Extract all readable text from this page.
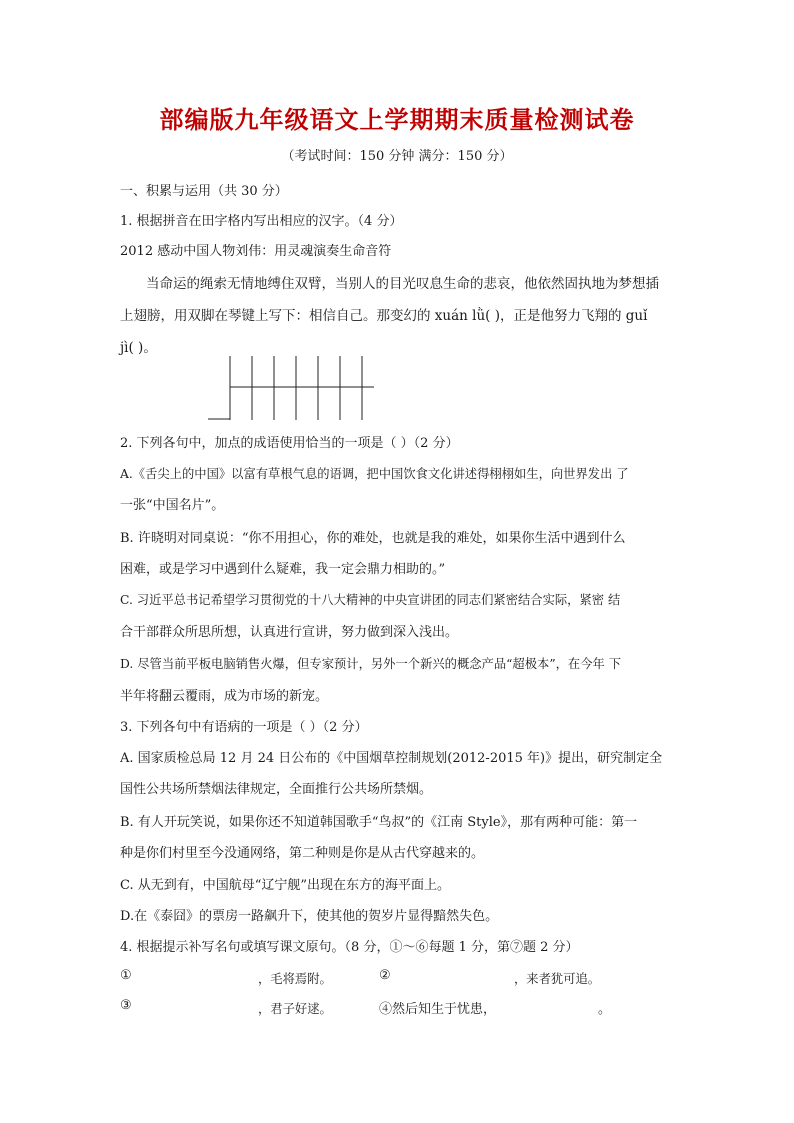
部编版九年级语文上学期期末质量检测试卷
（考试时间：150 分钟 满分：150 分）
一、积累与运用（共 30 分）
1. 根据拼音在田字格内写出相应的汉字。（4 分）
2012 感动中国人物刘伟：用灵魂演奏生命音符
当命运的绳索无情地缚住双臂，当别人的目光叹息生命的悲哀，他依然固执地为梦想插
上翅膀，用双脚在琴键上写下：相信自己。那变幻的 xuán lǜ( )，正是他努力飞翔的 guǐ
jì( )。
2. 下列各句中，加点的成语使用恰当的一项是（ ）（2 分）
A.《舌尖上的中国》以富有草根气息的语调，把中国饮食文化讲述得栩栩如生，向世界发出 了
一张“中国名片”。
B. 许晓明对同桌说：“你不用担心，你的难处，也就是我的难处，如果你生活中遇到什么
困难，或是学习中遇到什么疑难，我一定会鼎力相助的。”
C. 习近平总书记希望学习贯彻党的十八大精神的中央宣讲团的同志们紧密结合实际，紧密 结
合干部群众所思所想，认真进行宣讲，努力做到深入浅出。
D. 尽管当前平板电脑销售火爆，但专家预计，另外一个新兴的概念产品“超极本”，在今年 下
半年将翻云覆雨，成为市场的新宠。
3. 下列各句中有语病的一项是（ ）（2 分）
A. 国家质检总局 12 月 24 日公布的《中国烟草控制规划(2012-2015 年)》提出，研究制定全
国性公共场所禁烟法律规定，全面推行公共场所禁烟。
B. 有人开玩笑说，如果你还不知道韩国歌手“鸟叔”的《江南 Style》，那有两种可能：第一
种是你们村里至今没通网络，第二种则是你是从古代穿越来的。
C. 从无到有，中国航母“辽宁舰”出现在东方的海平面上。
D.在《泰囧》的票房一路飙升下，使其他的贺岁片显得黯然失色。
4. 根据提示补写名句或填写课文原句。（8 分，①～⑥每题 1 分，第⑦题 2 分）
①	，毛将焉附。	②	，来者犹可追。
③	，君子好逑。	④然后知生于忧患，	。
